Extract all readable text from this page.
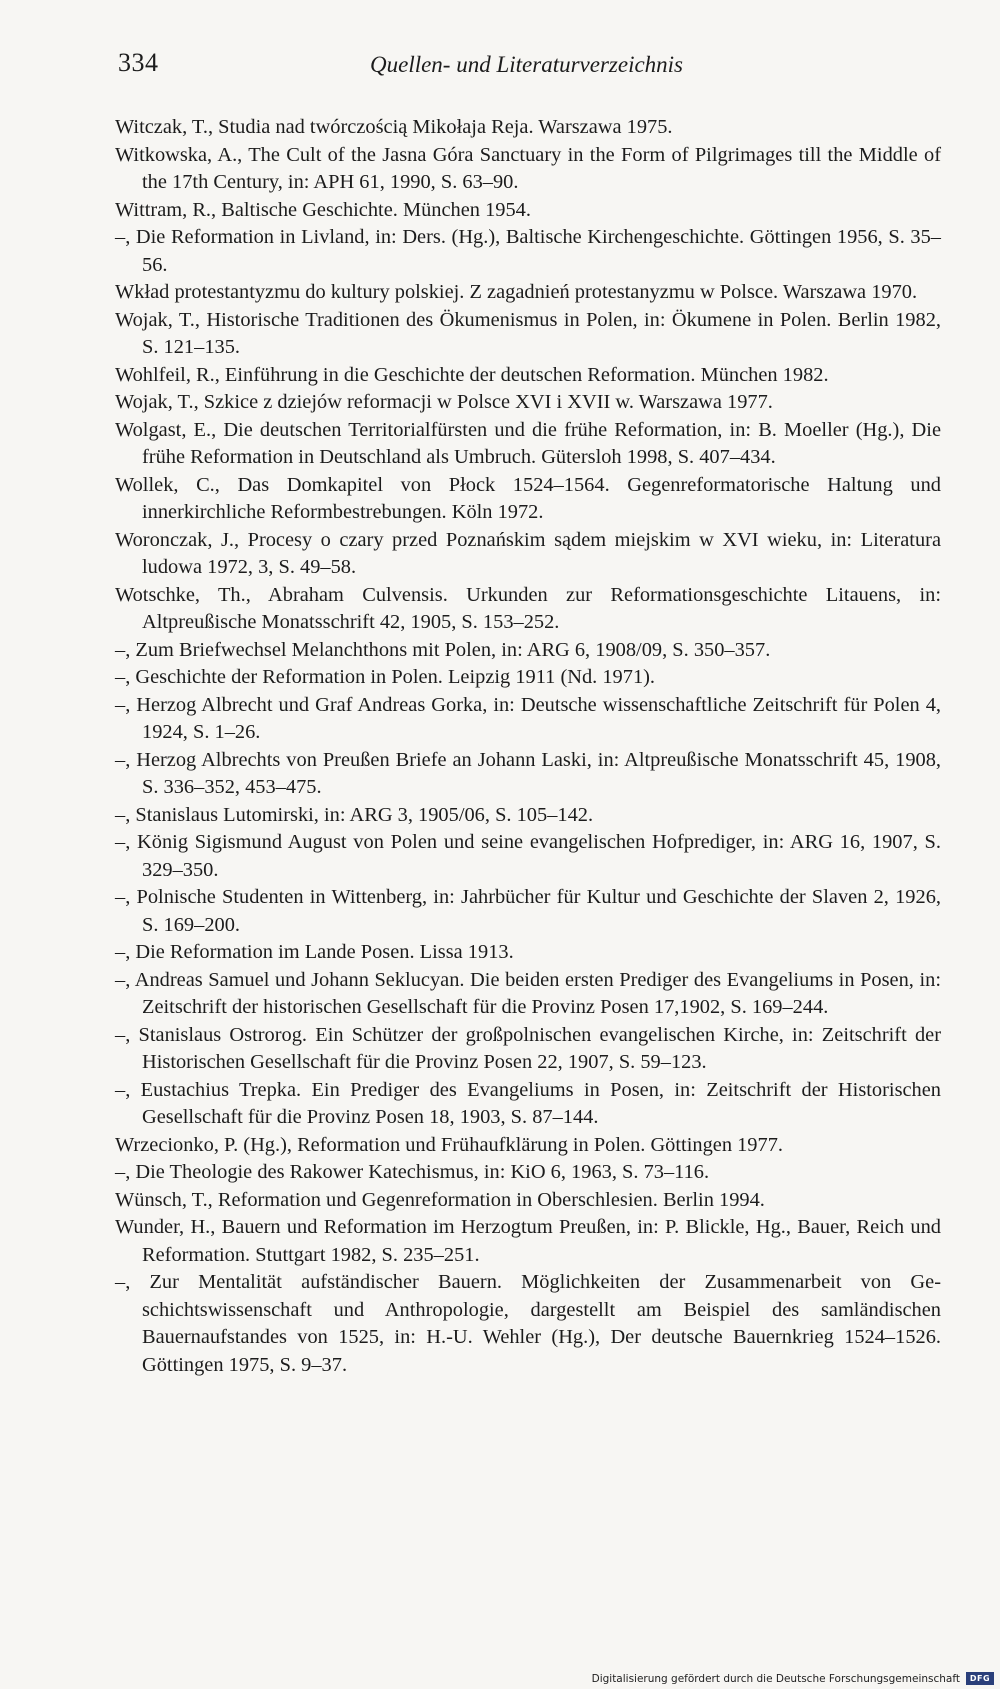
334	Quellen- und Literaturverzeichnis

Witczak, T., Studia nad twórczością Mikołaja Reja. Warszawa 1975.

Witkowska, A., The Cult of the Jasna Góra Sanctuary in the Form of Pilgrimages till the Middle of the 17th Century, in: APH 61, 1990, S. 63–90.

Wittram, R., Baltische Geschichte. München 1954.

–, Die Reformation in Livland, in: Ders. (Hg.), Baltische Kirchengeschichte. Göttingen 1956, S. 35–56.

Wkład protestantyzmu do kultury polskiej. Z zagadnień protestanyzmu w Polsce. Warszawa 1970.

Wojak, T., Historische Traditionen des Ökumenismus in Polen, in: Ökumene in Polen. Berlin 1982, S. 121–135.

Wohlfeil, R., Einführung in die Geschichte der deutschen Reformation. München 1982.

Wojak, T., Szkice z dziejów reformacji w Polsce XVI i XVII w. Warszawa 1977.

Wolgast, E., Die deutschen Territorialfürsten und die frühe Reformation, in: B. Moeller (Hg.), Die frühe Reformation in Deutschland als Umbruch. Gütersloh 1998, S. 407–434.

Wollek, C., Das Domkapitel von Płock 1524–1564. Gegenreformatorische Haltung und innerkirchliche Reformbestrebungen. Köln 1972.

Woronczak, J., Procesy o czary przed Poznańskim sądem miejskim w XVI wieku, in: Literatura ludowa 1972, 3, S. 49–58.

Wotschke, Th., Abraham Culvensis. Urkunden zur Reformationsgeschichte Litauens, in: Altpreußische Monatsschrift 42, 1905, S. 153–252.

–, Zum Briefwechsel Melanchthons mit Polen, in: ARG 6, 1908/09, S. 350–357.

–, Geschichte der Reformation in Polen. Leipzig 1911 (Nd. 1971).

–, Herzog Albrecht und Graf Andreas Gorka, in: Deutsche wissenschaftliche Zeitschrift für Polen 4, 1924, S. 1–26.

–, Herzog Albrechts von Preußen Briefe an Johann Laski, in: Altpreußische Monatsschrift 45, 1908, S. 336–352, 453–475.

–, Stanislaus Lutomirski, in: ARG 3, 1905/06, S. 105–142.

–, König Sigismund August von Polen und seine evangelischen Hofprediger, in: ARG 16, 1907, S. 329–350.

–, Polnische Studenten in Wittenberg, in: Jahrbücher für Kultur und Geschichte der Slaven 2, 1926, S. 169–200.

–, Die Reformation im Lande Posen. Lissa 1913.

–, Andreas Samuel und Johann Seklucyan. Die beiden ersten Prediger des Evangeliums in Posen, in: Zeitschrift der historischen Gesellschaft für die Provinz Posen 17,1902, S. 169–244.

–, Stanislaus Ostrorog. Ein Schützer der großpolnischen evangelischen Kirche, in: Zeitschrift der Historischen Gesellschaft für die Provinz Posen 22, 1907, S. 59–123.

–, Eustachius Trepka. Ein Prediger des Evangeliums in Posen, in: Zeitschrift der Historischen Gesellschaft für die Provinz Posen 18, 1903, S. 87–144.

Wrzecionko, P. (Hg.), Reformation und Frühaufklärung in Polen. Göttingen 1977.

–, Die Theologie des Rakower Katechismus, in: KiO 6, 1963, S. 73–116.

Wünsch, T., Reformation und Gegenreformation in Oberschlesien. Berlin 1994.

Wunder, H., Bauern und Reformation im Herzogtum Preußen, in: P. Blickle, Hg., Bauer, Reich und Reformation. Stuttgart 1982, S. 235–251.

–, Zur Mentalität aufständischer Bauern. Möglichkeiten der Zusammenarbeit von Geschichtswissenschaft und Anthropologie, dargestellt am Beispiel des samländischen Bauernaufstandes von 1525, in: H.-U. Wehler (Hg.), Der deutsche Bauernkrieg 1524–1526. Göttingen 1975, S. 9–37.

Digitalisierung gefördert durch die Deutsche Forschungsgemeinschaft	DFG
